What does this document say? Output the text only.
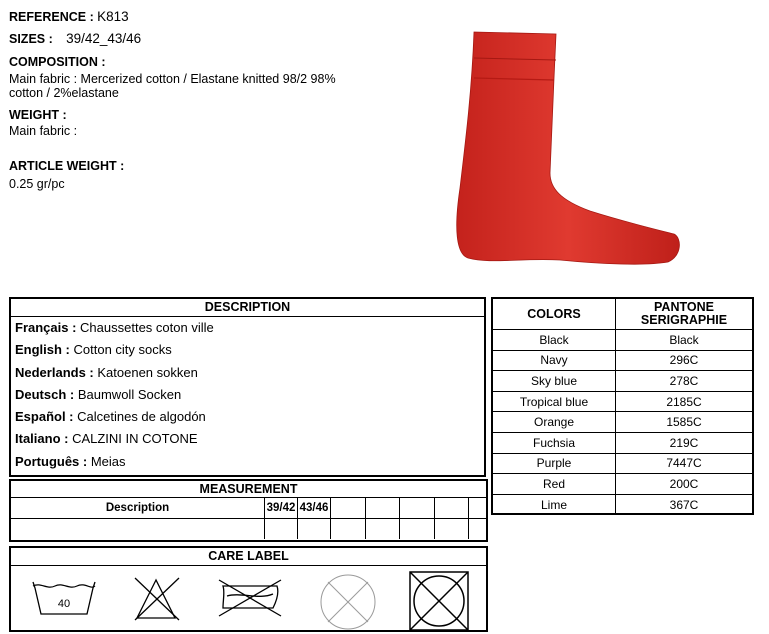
REFERENCE : K813
SIZES : 39/42_43/46
COMPOSITION :
Main fabric : Mercerized cotton / Elastane knitted 98/2 98%
cotton / 2%elastane
WEIGHT :
Main fabric :
ARTICLE WEIGHT :
0.25 gr/pc
DESCRIPTION
Français : Chaussettes coton ville
English : Cotton city socks
Nederlands : Katoenen sokken
Deutsch : Baumwoll Socken
Español : Calcetines de algodón
Italiano : CALZINI IN COTONE
Português : Meias
COLORS	PANTONE
SERIGRAPHIE
Black	Black
Navy	296C
Sky blue	278C
Tropical blue	2185C
Orange	1585C
Fuchsia	219C
Purple	7447C
Red	200C
Lime	367C
MEASUREMENT
Description	39/42	43/46					

CARE LABEL
40
